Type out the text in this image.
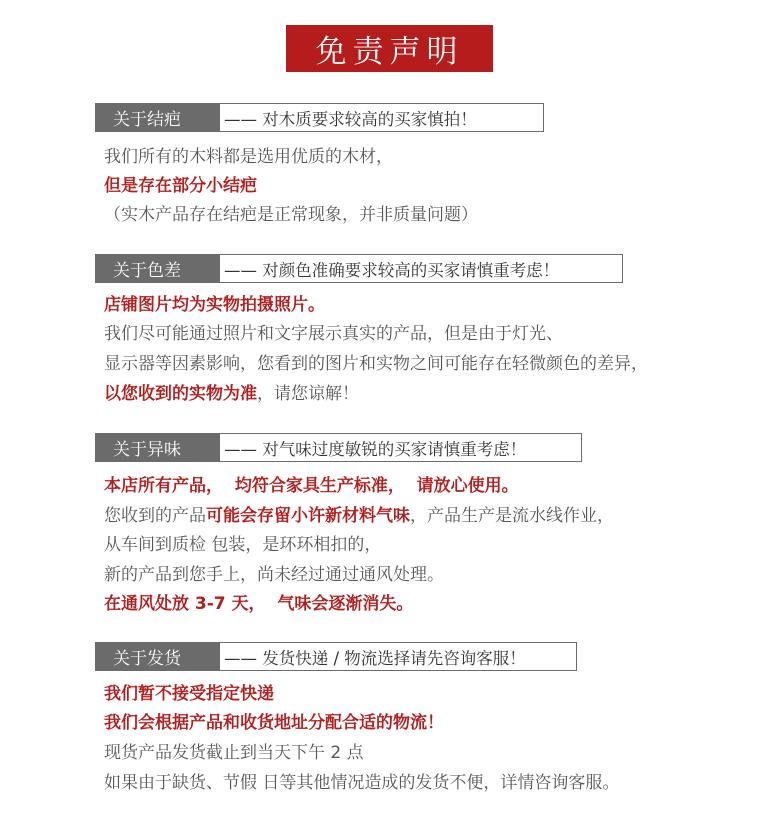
免责声明
关于结疤	—— 对木质要求较高的买家慎拍！
我们所有的木料都是选用优质的木材，
但是存在部分小结疤
（实木产品存在结疤是正常现象，并非质量问题）
关于色差	—— 对颜色准确要求较高的买家请慎重考虑！
店铺图片均为实物拍摄照片。
我们尽可能通过照片和文字展示真实的产品，但是由于灯光、
显示器等因素影响，您看到的图片和实物之间可能存在轻微颜色的差异，
以您收到的实物为准，请您谅解！
关于异味	—— 对气味过度敏锐的买家请慎重考虑！
本店所有产品，  均符合家具生产标准，  请放心使用。
您收到的产品可能会存留小许新材料气味，产品生产是流水线作业，
从车间到质检 包装，是环环相扣的，
新的产品到您手上，尚未经过通过通风处理。
在通风处放 3-7 天，  气味会逐渐消失。
关于发货	—— 发货快递 / 物流选择请先咨询客服！
我们暂不接受指定快递
我们会根据产品和收货地址分配合适的物流！
现货产品发货截止到当天下午 2 点
如果由于缺货、节假 日等其他情况造成的发货不便，详情咨询客服。
